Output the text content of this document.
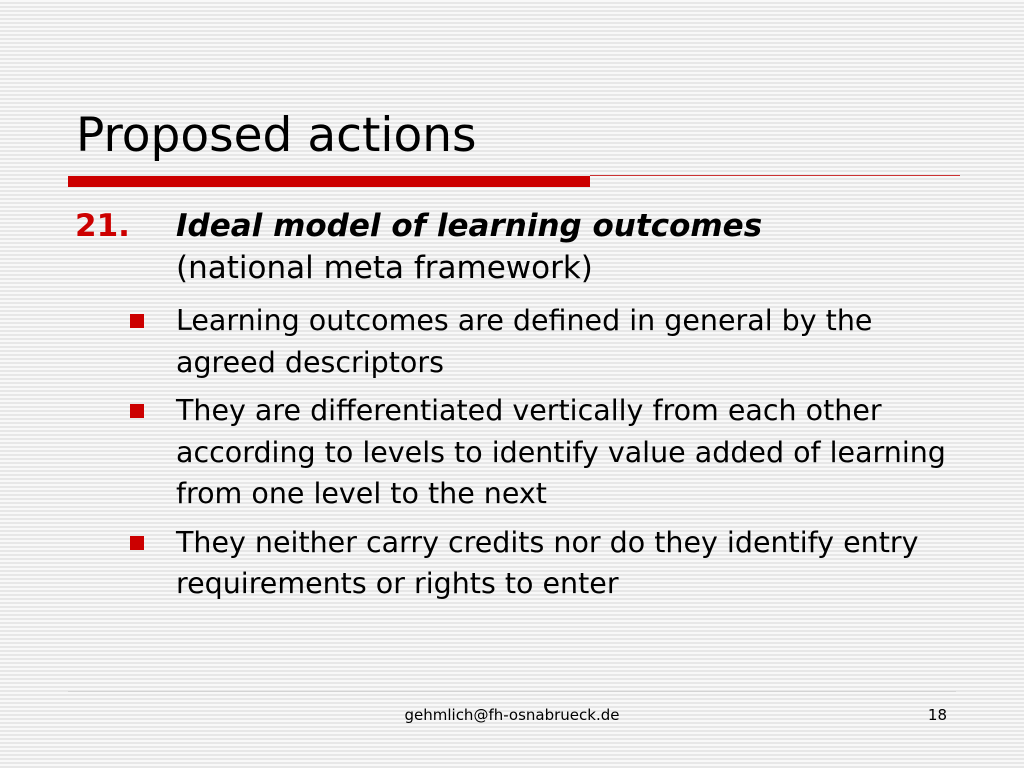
Proposed actions
21. Ideal model of learning outcomes
(national meta framework)
Learning outcomes are defined in general by the agreed descriptors
They are differentiated vertically from each other according to levels to identify value added of learning from one level to the next
They neither carry credits nor do they identify entry requirements or rights to enter
gehmlich@fh-osnabrueck.de	18
